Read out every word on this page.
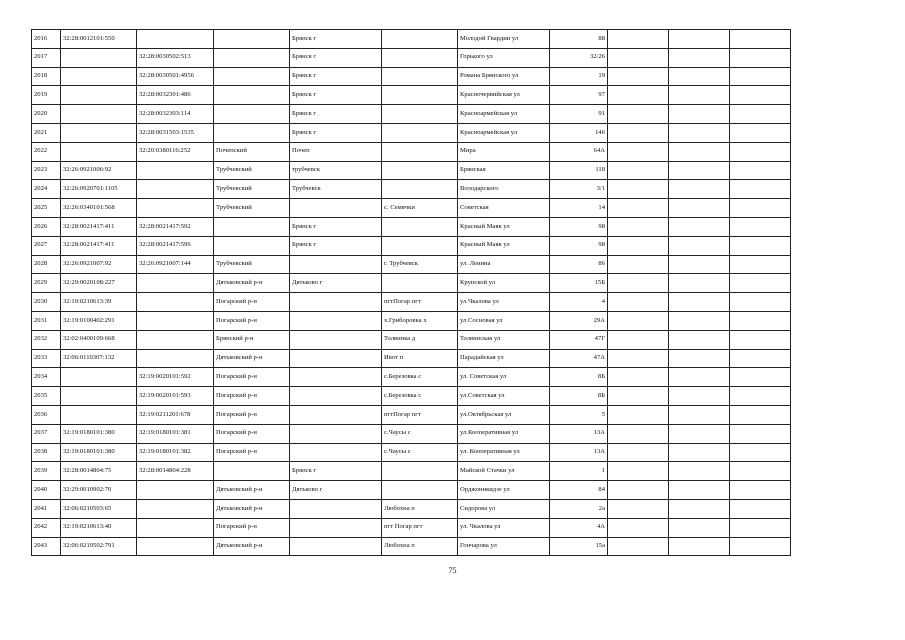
2016	32:28:0012101:550			Брянск г		Молодой Гвардии ул	88			
2017		32:28:0030502:513		Брянск г		Горького ул	32/26			
2018		32:28:0030501:4956		Брянск г		Романа Брянского ул	19			
2019		32:28:0032301:486		Брянск г		Красночервийская ул	97			
2020		32:28:0032303:114		Брянск г		Красноармейская ул	91			
2021		32:28:0031503:1535		Брянск г		Красноармейская ул	146			
2022		32:20:0380116:252	Почепский	Почеп		Мира	64А			
2023	32:26:0921006:92		Трубчевский	трубчевск		Брянская	118			
2024	32:26:0920701:1105		Трубчевский	Трубчевск		Володарского	3/1			
2025	32:26:0340101:568		Трубчевский		с. Семячки	Советская	14			
2026	32:28:0021417:411	32:28:0021417:592		Брянск г		Красный Маяк ул	98			
2027	32:28:0021417:411	32:28:0021417:596		Брянск г		Красный Маяк ул	98			
2028	32:26:0921007:92	32:26:0921007:144	Трубчевский		г. Трубчевск	ул. Ленина	86			
2029	32:29:0020108:227		Дятьковский р-н	Дятьково г		Крупской ул	15Б			
2030	32:19:0210613:39		Погарский р-н		пгтПогар пгт	ул.Чкалова ул	4			
2031	32:19:0100402:291		Погарский р-н		х.Гриборовка х	ул.Сосновая ул	29А			
2032	32:02:0400109:668		Брянский р-н		Толвинка д	Толвинская ул	47Г			
2033	32:06:0110307:132		Дятьковский р-н		Ивот п	Парадайская ул	47А			
2034		32:19:0020101:592	Погарский р-н		с.Березовка с	ул. Советская ул	8Б			
2035		32:19:0020101:593	Погарский р-н		с.Березовка с	ул.Советская ул	8Б			
2036		32:19:0211201:678	Погарский р-н		пгтПогар пгт	ул.Октябрьская ул	5			
2037	32:19:0180101:380	32:19:0180101:381	Погарский р-н		с.Чаусы с	ул.Кооперативная ул	13А			
2038	32:19:0180101:380	32:19:0180101:382	Погарский р-н		с.Чаусы с	ул. Кооперативная ул	13А			
2039	32:28:0014804:75	32:28:0014804:228		Брянск г		Майской Стачки ул	1			
2040	32:29:0010902:70		Дятьковский р-н	Дятьково г		Орджоникидзе ул	84			
2041	32:06:0210503:65		Дятьковский р-н		Любохна п	Сидорова ул	2а			
2042	32:19:0210613:40		Погарский р-н		пгт Погар пгт	ул. Чкалова ул	4А			
2043	32:06:0210502:791		Дятьковский р-н		Любохна п	Гончарова ул	15а			
75
